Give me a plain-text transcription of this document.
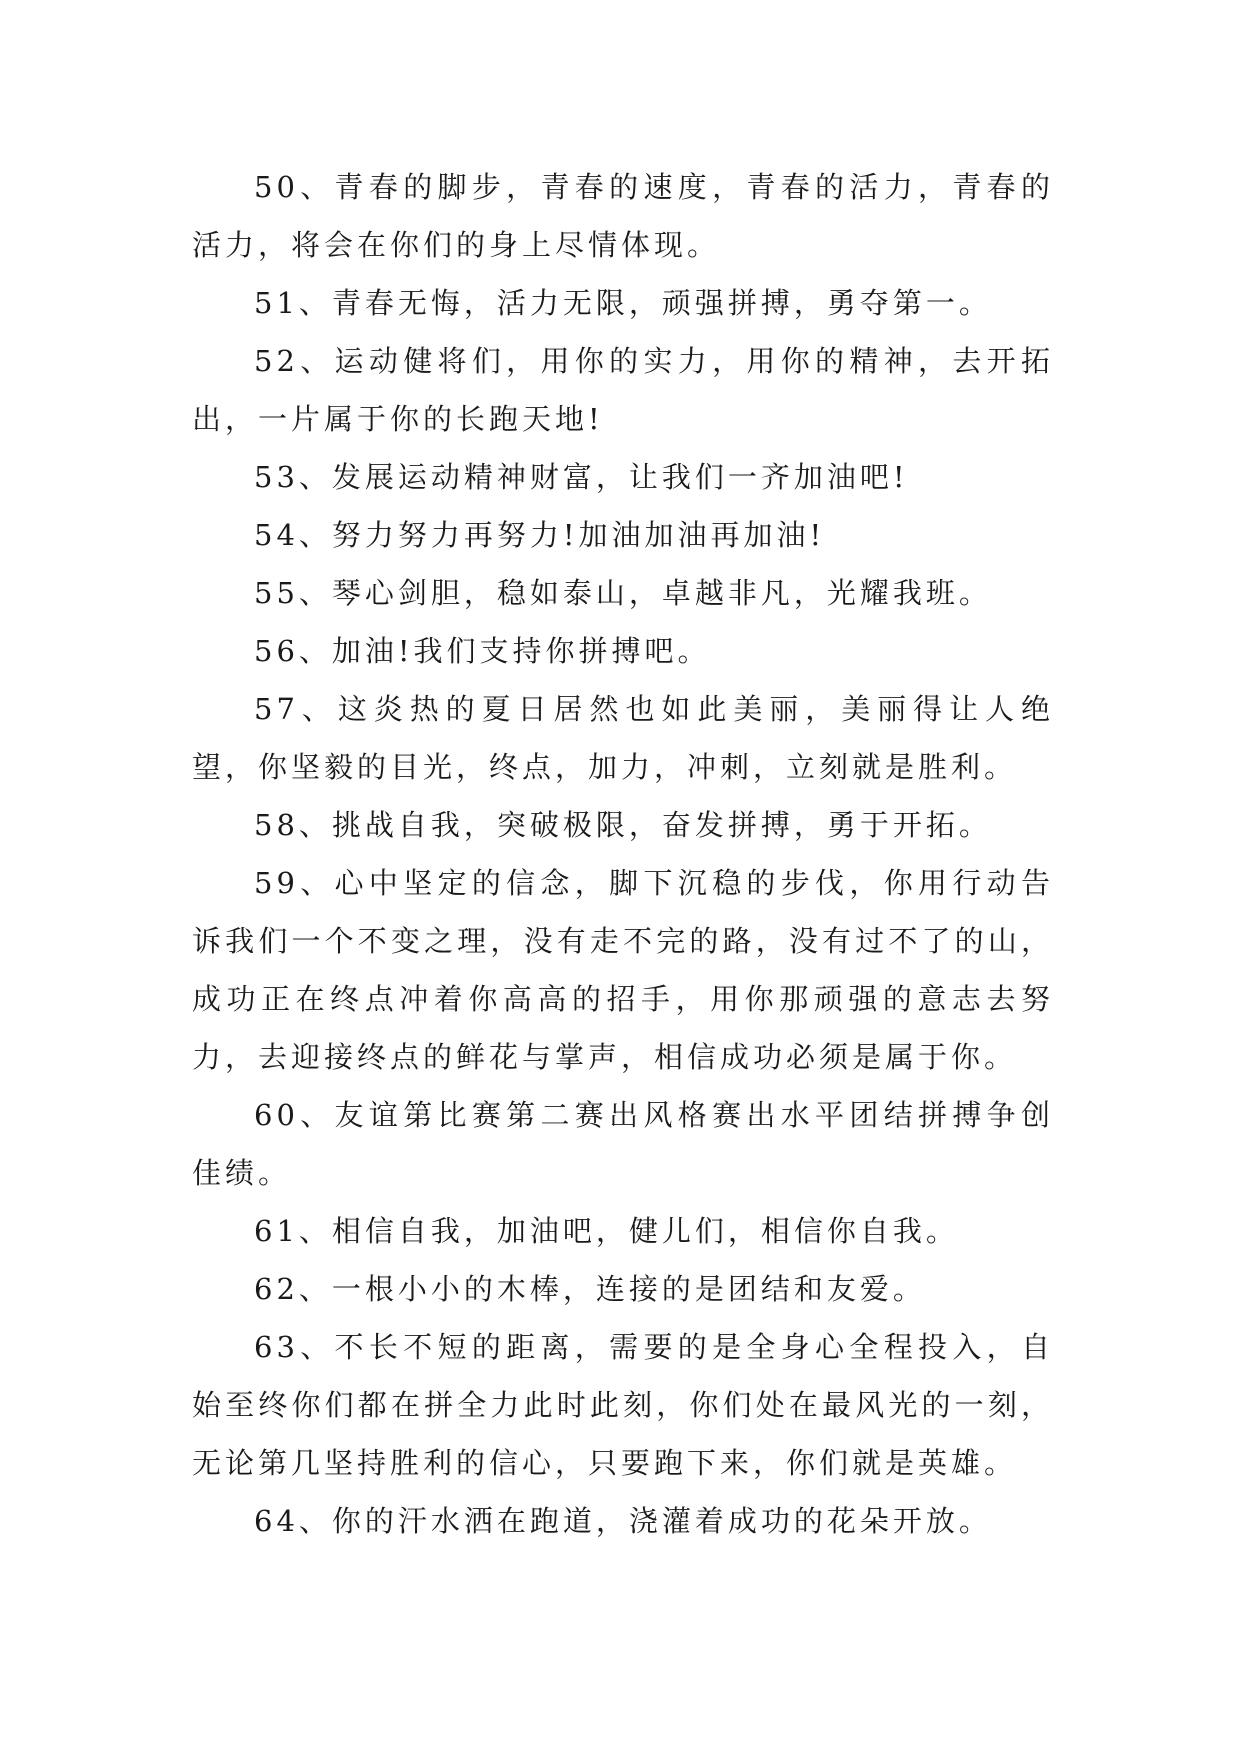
50、青春的脚步，青春的速度，青春的活力，青春的活力，将会在你们的身上尽情体现。

51、青春无悔，活力无限，顽强拼搏，勇夺第一。

52、运动健将们，用你的实力，用你的精神，去开拓出，一片属于你的长跑天地!

53、发展运动精神财富，让我们一齐加油吧!

54、努力努力再努力!加油加油再加油!

55、琴心剑胆，稳如泰山，卓越非凡，光耀我班。

56、加油!我们支持你拼搏吧。

57、这炎热的夏日居然也如此美丽，美丽得让人绝望，你坚毅的目光，终点，加力，冲刺，立刻就是胜利。

58、挑战自我，突破极限，奋发拼搏，勇于开拓。

59、心中坚定的信念，脚下沉稳的步伐，你用行动告诉我们一个不变之理，没有走不完的路，没有过不了的山，成功正在终点冲着你高高的招手，用你那顽强的意志去努力，去迎接终点的鲜花与掌声，相信成功必须是属于你。

60、友谊第比赛第二赛出风格赛出水平团结拼搏争创佳绩。

61、相信自我，加油吧，健儿们，相信你自我。

62、一根小小的木棒，连接的是团结和友爱。

63、不长不短的距离，需要的是全身心全程投入，自始至终你们都在拼全力此时此刻，你们处在最风光的一刻，无论第几坚持胜利的信心，只要跑下来，你们就是英雄。

64、你的汗水洒在跑道，浇灌着成功的花朵开放。
